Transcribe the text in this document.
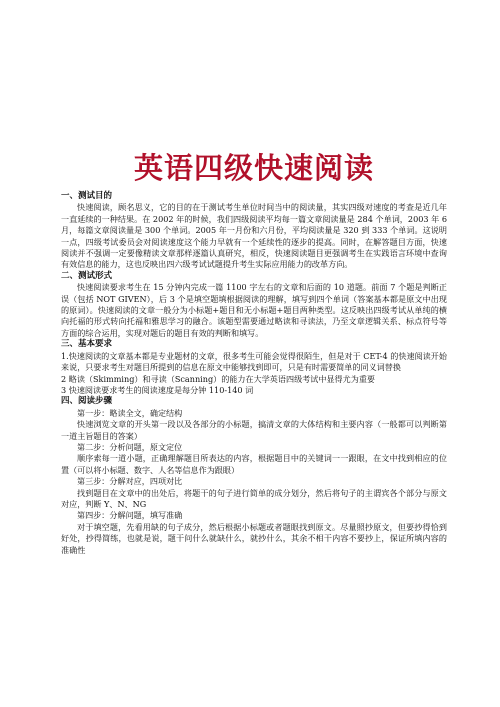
英语四级快速阅读
一、测试目的

快速阅读，顾名思义，它的目的在于测试考生单位时间当中的阅读量，其实四级对速度的考查是近几年一直延续的一种结果。在 2002 年的时候，我们四级阅读平均每一篇文章阅读量是 284 个单词，2003 年 6 月，每篇文章阅读量是 300 个单词。2005 年一月份和六月份，平均阅读量是 320 到 333 个单词。这说明一点，四级考试委员会对阅读速度这个能力早就有一个延续性的逐步的提高。同时，在解答题目方面，快速阅读并不强调一定要像精读文章那样逐篇认真研究，相反，快速阅读题目更强调考生在实践语言环境中查询有效信息的能力，这也反映出四六级考试试题提升考生实际应用能力的改革方向。

二、测试形式

快速阅读要求考生在 15 分钟内完成一篇 1100 字左右的文章和后面的 10 道题。前面 7 个题是判断正误（包括 NOT GIVEN），后 3 个是填空题填根据阅读的理解，填写到四个单词（答案基本都是原文中出现的原词）。快速阅读的文章一般分为小标题+题目和无小标题+题目两种类型。这反映出四级考试从单纯的横向托福的形式转向托福和雅思学习的融合。该题型需要通过略读和寻读法，乃至文章逻辑关系、标点符号等方面的综合运用，实现对题后的题目有效的判断和填写。

三、基本要求

1.快速阅读的文章基本都是专业题材的文章，很多考生可能会觉得很陌生，但是对于 CET-4 的快速阅读开始来说，只要求考生对题目所提到的信息在原文中能够找到即可，只是有时需要简单的同义词替换

2 略读（Skimming）和寻读（Scanning）的能力在大学英语四级考试中显得尤为重要

3 快速阅读要求考生的阅读速度是每分钟 110-140 词

四、阅读步骤

第一步：略读全文，确定结构

快速浏览文章的开头第一段以及各部分的小标题，搞清文章的大体结构和主要内容（一般都可以判断第一道主旨题目的答案）

第二步：分析问题，原文定位

顺序索每一道小题，正确理解题目所表达的内容，根据题目中的关键词一一跟眼，在文中找到相应的位置（可以将小标题、数字、人名等信息作为跟眼）

第三步：分解对应，四项对比

找到题目在文章中的出处后，将题干的句子进行简单的成分划分，然后将句子的主谓宾各个部分与原文对应，判断 Y、N、NG

第四步：分解问题，填写准确

对于填空题，先看用缺的句子成分，然后根据小标题或者题眼找到原文。尽量照抄原文，但要抄得恰到好处，抄得简练，也就是说，题干问什么就缺什么，就抄什么，其余不相干内容不要抄上，保证所填内容的准确性
